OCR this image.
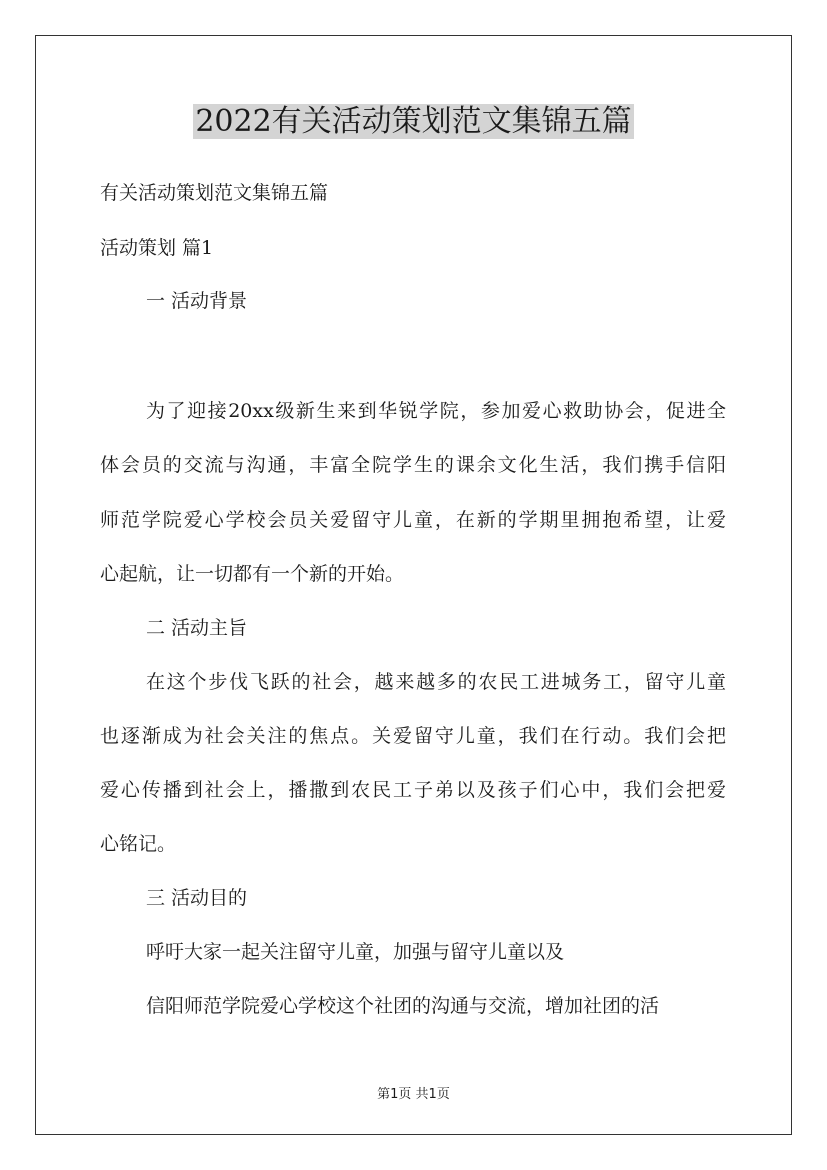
2022有关活动策划范文集锦五篇
有关活动策划范文集锦五篇
活动策划 篇1
一 活动背景
为了迎接20xx级新生来到华锐学院，参加爱心救助协会，促进全
体会员的交流与沟通，丰富全院学生的课余文化生活，我们携手信阳
师范学院爱心学校会员关爱留守儿童，在新的学期里拥抱希望，让爱
心起航，让一切都有一个新的开始。
二 活动主旨
在这个步伐飞跃的社会，越来越多的农民工进城务工，留守儿童
也逐渐成为社会关注的焦点。关爱留守儿童，我们在行动。我们会把
爱心传播到社会上，播撒到农民工子弟以及孩子们心中，我们会把爱
心铭记。
三 活动目的
呼吁大家一起关注留守儿童，加强与留守儿童以及
信阳师范学院爱心学校这个社团的沟通与交流，增加社团的活
第1页 共1页
